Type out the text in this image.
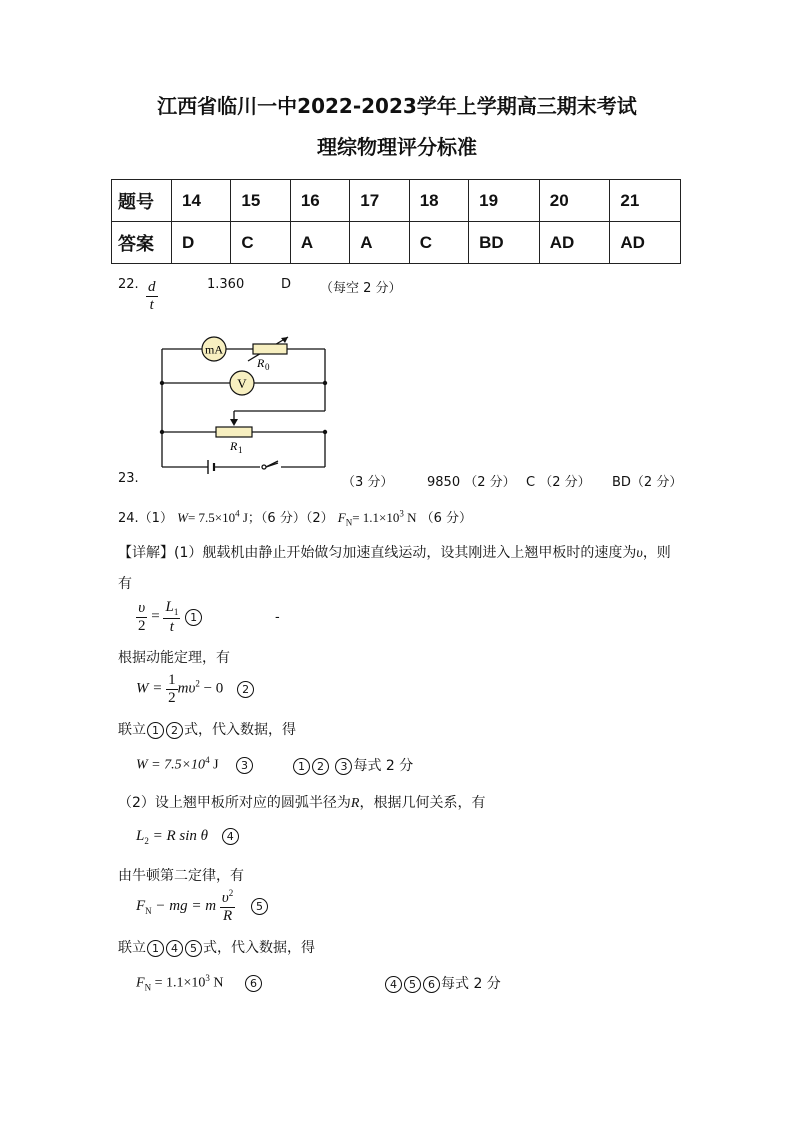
江西省临川一中2022-2023学年上学期高三期末考试
理综物理评分标准
题号	14	15	16	17	18	19	20	21
答案	D	C	A	A	C	BD	AD	AD
22. $\frac{d}{t}$	1.360	D （每空 2 分）
mA
R 0
V
R 1
23.	（3 分）	9850 （2 分） C （2 分） BD（2 分）
24.（1） $W= 7.5\times 10^4$ J；（6 分）（2） $F_N= 1.1\times 10^3$ N （6 分）
【详解】(1）舰载机由静止开始做匀加速直线运动，设其刚进入上翘甲板时的速度为υ，则
有
$\frac{\upsilon}{2} = \frac{L_1}{t} 1$	-
根据动能定理，有
$W = \frac{1}{2} m\upsilon^2 - 0$ 2
联立 1 2 式，代入数据，得
$W = 7.5\times 10^4$ J 3	1 2 3 每式 2 分
（2）设上翘甲板所对应的圆弧半径为R，根据几何关系，有
$L_2 = R$ sin θ 4
由牛顿第二定律，有
$F_N$ − mg = m $\frac{\upsilon^2}{R} 5$
联立 1 4 5 式，代入数据，得
$F_N = 1.1\times 10^3$ N 6	4 5 6 每式 2 分
